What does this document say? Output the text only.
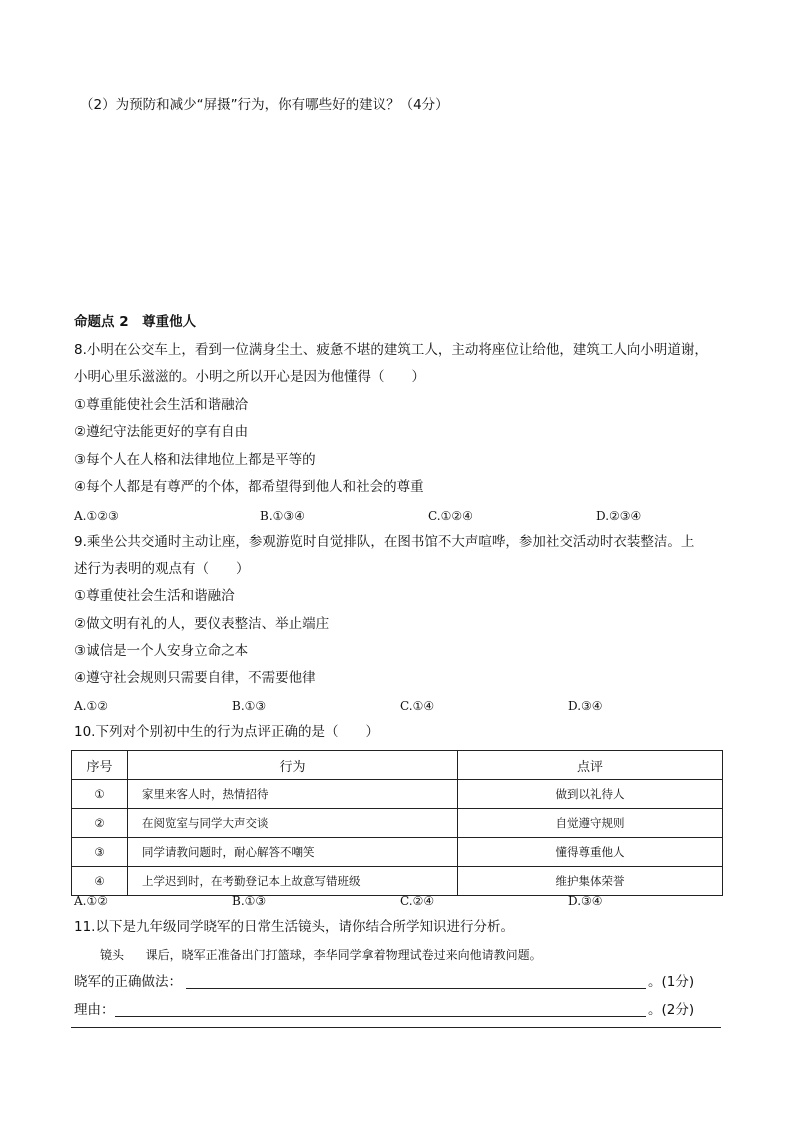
（2）为预防和减少“屏摄”行为，你有哪些好的建议？（4分）
命题点 2　尊重他人
8.小明在公交车上，看到一位满身尘土、疲惫不堪的建筑工人，主动将座位让给他，建筑工人向小明道谢，
小明心里乐滋滋的。小明之所以开心是因为他懂得（　　）
①尊重能使社会生活和谐融洽
②遵纪守法能更好的享有自由
③每个人在人格和法律地位上都是平等的
④每个人都是有尊严的个体，都希望得到他人和社会的尊重
A.①②③	B.①③④	C.①②④	D.②③④
9.乘坐公共交通时主动让座，参观游览时自觉排队，在图书馆不大声喧哗，参加社交活动时衣装整洁。上
述行为表明的观点有（　　）
①尊重使社会生活和谐融洽
②做文明有礼的人，要仪表整洁、举止端庄
③诚信是一个人安身立命之本
④遵守社会规则只需要自律，不需要他律
A.①②	B.①③	C.①④	D.③④
10.下列对个别初中生的行为点评正确的是（　　）
序号	行为	点评
①	家里来客人时，热情招待	做到以礼待人
②	在阅览室与同学大声交谈	自觉遵守规则
③	同学请教问题时，耐心解答不嘲笑	懂得尊重他人
④	上学迟到时，在考勤登记本上故意写错班级	维护集体荣誉
A.①②	B.①③	C.②④	D.③④
11.以下是九年级同学晓军的日常生活镜头，请你结合所学知识进行分析。
镜头 课后，晓军正准备出门打篮球，李华同学拿着物理试卷过来向他请教问题。
晓军的正确做法：	。(1分)
理由：	。(2分)
